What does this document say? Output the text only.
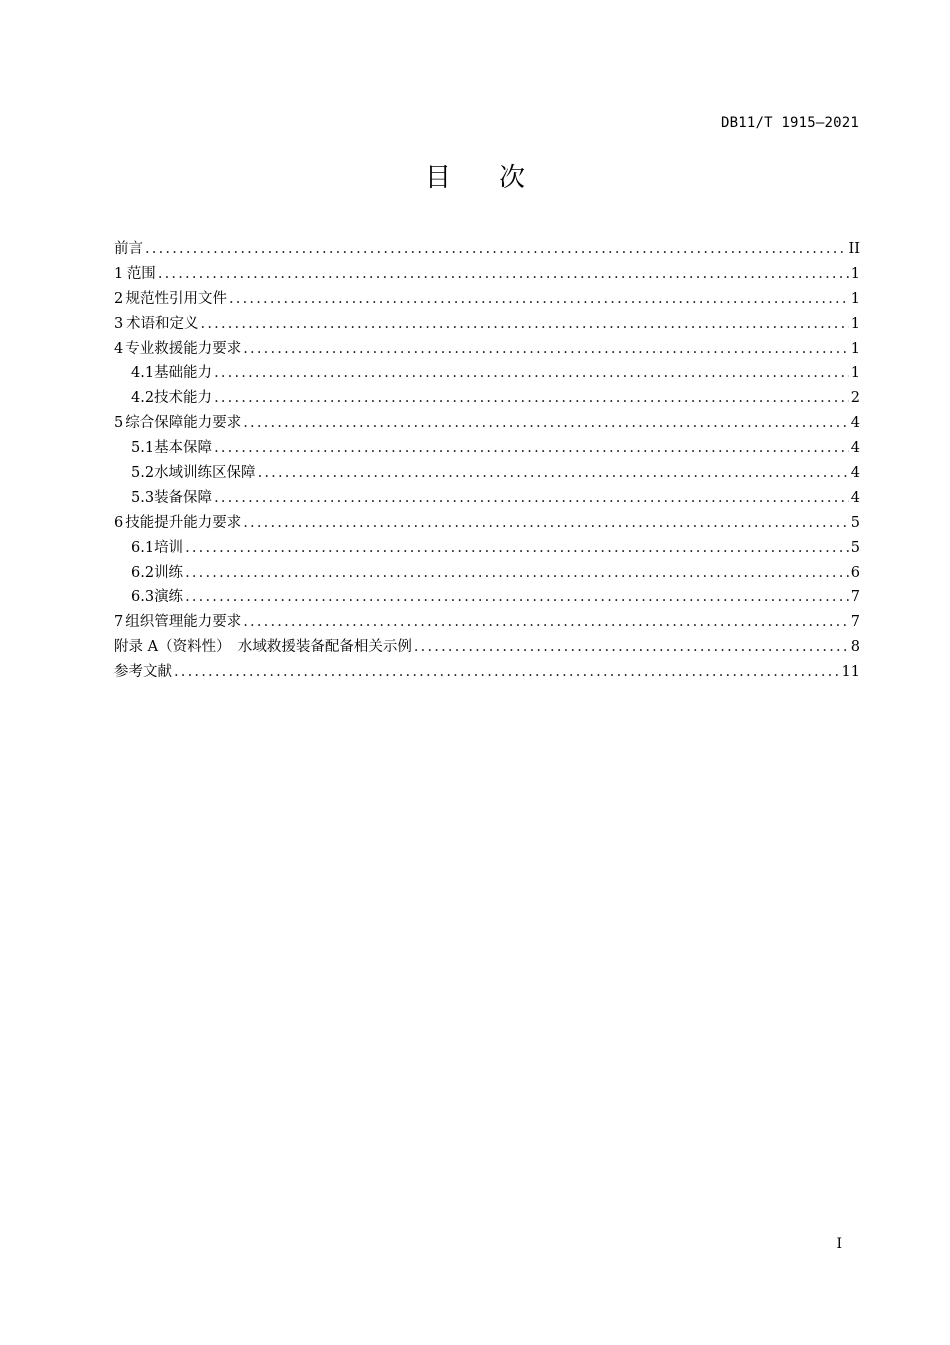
DB11/T 1915—2021
目 次
前言 .....	II
1 范围 .....	1
2 规范性引用文件 .....	1
3 术语和定义 .....	1
4 专业救援能力要求 .....	1
4.1 基础能力 .....	1
4.2 技术能力 .....	2
5 综合保障能力要求 .....	4
5.1 基本保障 .....	4
5.2 水域训练区保障 .....	4
5.3 装备保障 .....	4
6 技能提升能力要求 .....	5
6.1 培训 .....	5
6.2 训练 .....	6
6.3 演练 .....	7
7 组织管理能力要求 .....	7
附录 A（资料性）　水域救援装备配备相关示例 .....	8
参考文献 .....	11
I
